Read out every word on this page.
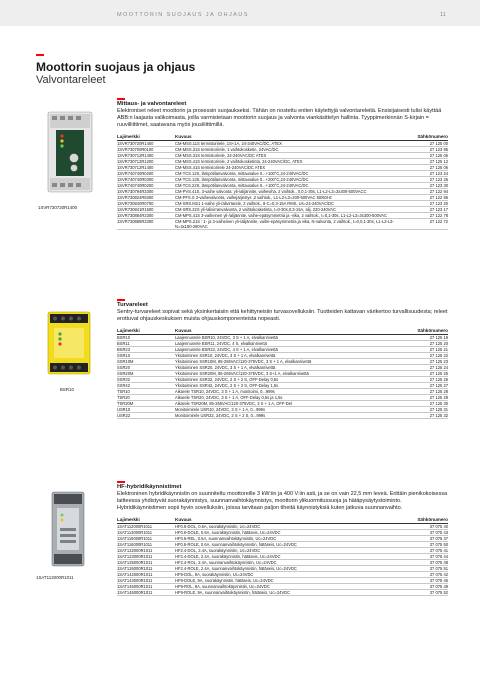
MOOTTORIN SUOJAUS JA OHJAUS	11
Moottorin suojaus ja ohjaus
Valvontareleet
1SVR730720R1400
Mittaus- ja valvontareleet
Elektroniset releet moottorin ja prosessin suojaukseksi. Tähän on nostettu eniten käytettyjä valvontareleitä. Ensisijaisesti tulisi käyttää ABB:n laajasta valikoimasta, joilla varmistetaan moottorin suojaus ja valvonta viankäsittelyn hallinta. Tyyppimerkinnän S-kirjain = ruuvilliittimet, saatavana myös jousiliittimillä.
Lajimerkki	Kuvaus	Sähkönumero
1SVR730720R1400	CM-MSS.11S termistorirele, 1S+1A, 24-240VAC/DC, ATEX	27 125 00
1SVR730700R0100	CM-MSS.31S termistorirele, 1 vaihtokosketin, 24VAC/DC	27 123 95
1SVR730712R1400	CM-MSS.31S termistorirele, 24-240VAC/DC ATEX	27 125 06
1SVR730712R1200	CM-MSS.41S termistorirele, 2 vaihtokosketinta, 24-240VAC/DC, ATEX	27 125 12
1SVR730712R1400	CM-MSS.41S termistorirele 24-240VAC/DC ATEX	27 125 06
1SVR740740R0200	CM-TCS.12S, lämpötilanvalvonta, mittausalue 0...+100°C,24-240VAC/DC	27 123 24
1SVR740740R0300	CM-TCS.13S, lämpötilanvalvonta, mittausalue 0...+200°C,24-240VAC/DC	27 123 26
1SVR740740R0200	CM-TCS.22S, lämpötilanvalvonta, mittausalue 0...+100°C,24-240VAC/DC	27 123 30
1SVR730794R3300	CM-PVS.41S, 3-vaihe valvonta: yli-/alijännite, vaiheviha, 2 vaihtok., 0,0,1-30s, L1-L2-L3=3x300-500VACC	27 122 94
1SVR730824R9300	CM-PFS.S 3-vaihevalvonta, vaihejärjestys ,2 vaihtok., L1-L2-L3=200-500VAC 50/60Hz	27 122 86
1SVR730840R0700	CM-SRS.M21 1-vaihe yli-/alivirtarele, 2 vaihtok., 8-C=0,3-15A RMS, Us=24-240VAC/DC	27 123 20
1SVR730841R1500	CM-SRS.22S yli-/alivirranvalvonta, 2 vaihtokosketinta, I=0-30s,0,3-15A, alij. 220-240VAC	27 123 17
1SVR730884R3300	CM-MPS.41S 3-vaiheinen yli-/alijännite, vaihe-epäsymmetria ja -vika, 2 vaihtok., t=0,1-30s, L1-L2-L3=3x300-500VAC	27 122 78
1SVR730885R3300	CM-MPS.21S : 1- ja 3-vaiheinen yli-/alijännite, vaihe-epäsymmetria ja vika, N-valvonta, 2 vaihtok., t=0,0,1-30s, L1-L2-L3-N=3x180-280VAC	27 122 72
BSR10
Turvareleet
Sentry-turvareleet sopivat sekä yksinkertaisiin että kehittyneisiin turvasovelluksiin. Tuotteiden kattavan värikertoo turvallisuudesta; releet erottuvat ohjauskeskuksen muista ohjauskomponenteista nopeasti.
Lajimerkki	Kuvaus	Sähkönumero
BSR10	Laajennusrele BSR10, 24VDC, 3 S + 1 A, elvalkanrivettä	27 125 19
BSR11	Laajennusrele BSR11, 24VDC, 4 S, elvalkanrivettä	27 125 20
BSR23	Laajennusrele BSR23, 24VDC, 4 S + 1 A, elvalkanrivettä	27 125 21
SSR10	Yksitoiminen SSR10, 24VDC, 3 S + 1 A, elvalkanrivettä	27 125 22
SSR10M	Yksitoiminen SSR10M, 85-265VAC/120-375VDC, 3 S + 1 A, elvalkanrivettä	27 125 23
SSR20	Yksitoiminen SSR20, 24VDC, 3 S + 1 A, elvalkanrivettä	27 125 24
SSR20M	Yksitoiminen SSR20M, 85-265VAC/120-375VDC, 3 S+1 A, elvalkanrivettä	27 125 25
SSR32	Yksitoiminen SSR32, 24VDC, 2 S + 2 S, OFF-Delay 0,5s	27 125 26
SSR42	Yksitoiminen SSR42, 24VDC, 2 S + 2 S, OFF-Delay 1,5s	27 125 27
TSR10	Aikarele TSR10, 24VDC, 3 S + 1 A, monitoimi, 0...999s	27 125 28
TSR20	Aikarele TSR20, 24VDC, 3 S + 1 A, OFF-Delay 0,5s ja 1,5s	27 125 29
TSR20M	Aikarele TSR20M, 85-265VAC/120-375VDC, 3 S + 1 A, OFF-Del	27 125 30
USR10	Monitoimirele USR10, 24VDC, 3 S + 1 A, 0...999s	27 125 31
USR22	Monitoimirele USR22, 24VDC, 2 S + 2 S, 0...999s	27 125 32
1SAT112000R1011
HF-hybridikäynnistimet
Elektroninen hybridikäynnistin on suunniteltu moottoreille 3 kW:iin ja 400 V:iin asti, ja se on vain 22,5 mm leveä. Erittäin pienikokoisessa laitteessa yhdistyvät suorakäynnistys, suunnanvaihtokäynnistys, moottorin ylikuormitussuoja ja hätäpysäytystoiminto. Hybridikäynnistimen sopii hyvin sovelluksiin, joissa tarvitaan paljon tiheitä käynnistyksiä kuten jatkuva suunnanvaihto.
Lajimerkki	Kuvaus	Sähkönumero
1SAT112000R1011	HF0.6-DOL, 0.6A, suorakäynnistin, Uc=24VDC	37 075 40
1SAT113000R1011	HF0.6-DOLE, 0.6A, suorakäynnistin, hätäseis, Uc=24VDC	37 075 43
1SAT115000R1011	HF0.6-REL, 0.6A, suunnanvaihtokäynnistin, Uc=24VDC	37 075 47
1SAT116000R1011	HF0.6-ROLE, 0.6A, suunnanvaihtokäynnistin, hätäseis, Uc=24VDC	37 075 50
1SAT122000R1011	HF2.4-DOL, 2.4A, suorakäynnistin, Uc=24VDC	37 075 41
1SAT123000R1011	HF2.4-DOLE, 2.4A, suorakäynnistin, hätäseis, Uc=24VDC	37 075 44
1SAT125000R1011	HF2.4-ROL, 2.4A, suunnanvaihtokäynnistin, Uc=24VDC	37 075 48
1SAT126000R1011	HF2.4-ROLE, 2.4A, suunnanvaihtokäynnistin, hätäseis, Uc=24VDC	37 075 51
1SAT142000R1011	HF9-DOL, 9A, suorakäynnistin, Uc=24VDC	37 075 42
1SAT143000R1011	HF9-DOLE, 9A, suorakäynnistin, hätäseis, Uc=24VDC	37 075 45
1SAT145000R1011	HF9-ROL, 9A, suunnanvaihtokäynnistin, Uc=24VDC	37 075 49
1SAT146000R1011	HF9-ROLE, 9A, suunnanvaihtokäynnistin, hätäseis, Uc=24VDC	37 075 52
